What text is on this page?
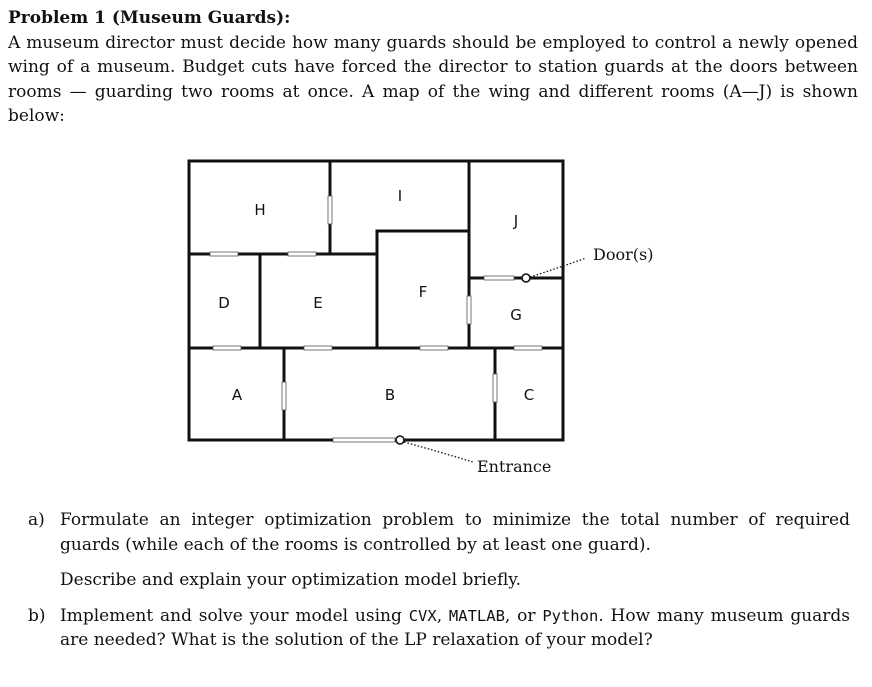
Problem 1 (Museum Guards):
A museum director must decide how many guards should be employed to control a newly opened wing of a museum. Budget cuts have forced the director to station guards at the doors between rooms — guarding two rooms at once. A map of the wing and different rooms (A—J) is shown below:

H
I
J
D	E
F
G
A	B	C
Door(s)
Entrance
a) Formulate an integer optimization problem to minimize the total number of required guards (while each of the rooms is controlled by at least one guard).
Describe and explain your optimization model briefly.
b) Implement and solve your model using CVX, MATLAB, or Python. How many museum guards are needed? What is the solution of the LP relaxation of your model?
